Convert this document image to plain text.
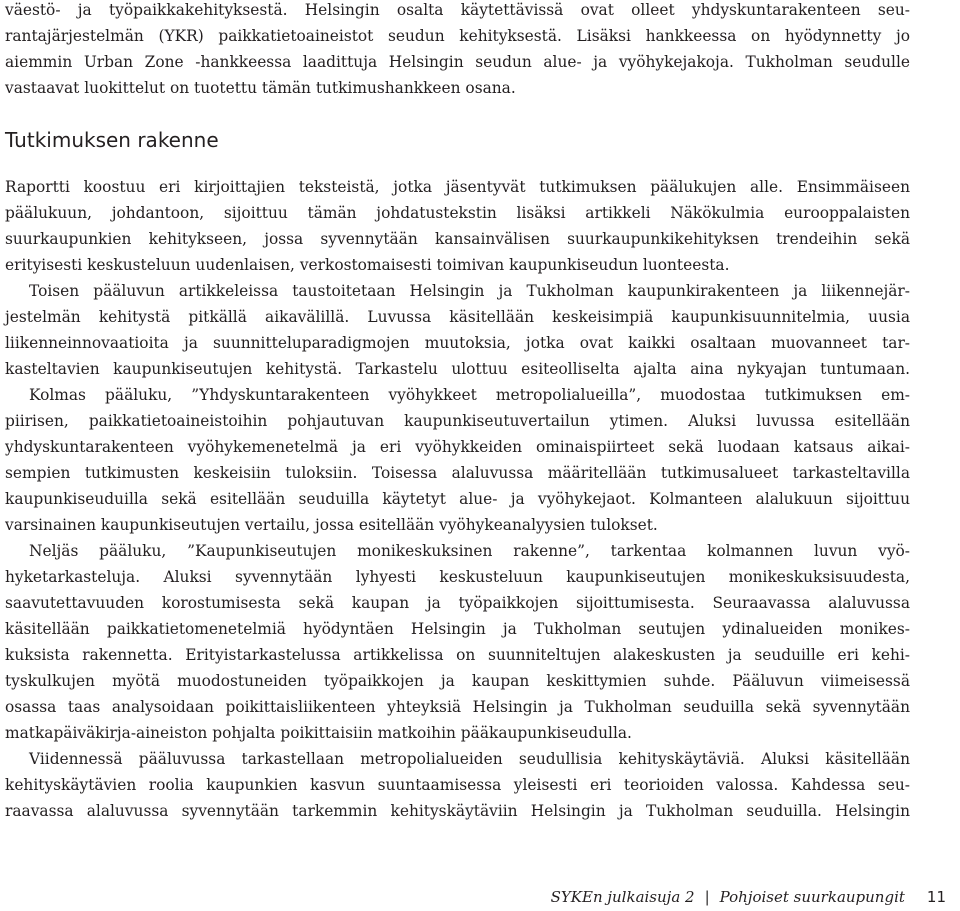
väestö- ja työpaikkakehityksestä. Helsingin osalta käytettävissä ovat olleet yhdyskuntarakenteen seu-
rantajärjestelmän (YKR) paikkatietoaineistot seudun kehityksestä. Lisäksi hankkeessa on hyödynnetty jo
aiemmin Urban Zone -hankkeessa laadittuja Helsingin seudun alue- ja vyöhykejakoja. Tukholman seudulle
vastaavat luokittelut on tuotettu tämän tutkimushankkeen osana.
Tutkimuksen rakenne
Raportti koostuu eri kirjoittajien teksteistä, jotka jäsentyvät tutkimuksen päälukujen alle. Ensimmäiseen
päälukuun, johdantoon, sijoittuu tämän johdatustekstin lisäksi artikkeli Näkökulmia eurooppalaisten
suurkaupunkien kehitykseen, jossa syvennytään kansainvälisen suurkaupunkikehityksen trendeihin sekä
erityisesti keskusteluun uudenlaisen, verkostomaisesti toimivan kaupunkiseudun luonteesta.
Toisen pääluvun artikkeleissa taustoitetaan Helsingin ja Tukholman kaupunkirakenteen ja liikennejär-
jestelmän kehitystä pitkällä aikavälillä. Luvussa käsitellään keskeisimpiä kaupunkisuunnitelmia, uusia
liikenneinnovaatioita ja suunnitteluparadigmojen muutoksia, jotka ovat kaikki osaltaan muovanneet tar-
kasteltavien kaupunkiseutujen kehitystä. Tarkastelu ulottuu esiteolliselta ajalta aina nykyajan tuntumaan.
Kolmas pääluku, ”Yhdyskuntarakenteen vyöhykkeet metropolialueilla”, muodostaa tutkimuksen em-
piirisen, paikkatietoaineistoihin pohjautuvan kaupunkiseutuvertailun ytimen. Aluksi luvussa esitellään
yhdyskuntarakenteen vyöhykemenetelmä ja eri vyöhykkeiden ominaispiirteet sekä luodaan katsaus aikai-
sempien tutkimusten keskeisiin tuloksiin. Toisessa alaluvussa määritellään tutkimusalueet tarkasteltavilla
kaupunkiseuduilla sekä esitellään seuduilla käytetyt alue- ja vyöhykejaot. Kolmanteen alalukuun sijoittuu
varsinainen kaupunkiseutujen vertailu, jossa esitellään vyöhykeanalyysien tulokset.
Neljäs pääluku, ”Kaupunkiseutujen monikeskuksinen rakenne”, tarkentaa kolmannen luvun vyö-
hyketarkasteluja. Aluksi syvennytään lyhyesti keskusteluun kaupunkiseutujen monikeskuksisuudesta,
saavutettavuuden korostumisesta sekä kaupan ja työpaikkojen sijoittumisesta. Seuraavassa alaluvussa
käsitellään paikkatietomenetelmiä hyödyntäen Helsingin ja Tukholman seutujen ydinalueiden monikes-
kuksista rakennetta. Erityistarkastelussa artikkelissa on suunniteltujen alakeskusten ja seuduille eri kehi-
tyskulkujen myötä muodostuneiden työpaikkojen ja kaupan keskittymien suhde. Pääluvun viimeisessä
osassa taas analysoidaan poikittaisliikenteen yhteyksiä Helsingin ja Tukholman seuduilla sekä syvennytään
matkapäiväkirja-aineiston pohjalta poikittaisiin matkoihin pääkaupunkiseudulla.
Viidennessä pääluvussa tarkastellaan metropolialueiden seudullisia kehityskäytäviä. Aluksi käsitellään
kehityskäytävien roolia kaupunkien kasvun suuntaamisessa yleisesti eri teorioiden valossa. Kahdessa seu-
raavassa alaluvussa syvennytään tarkemmin kehityskäytäviin Helsingin ja Tukholman seuduilla. Helsingin
SYKEn julkaisuja 2 | Pohjoiset suurkaupungit 11
